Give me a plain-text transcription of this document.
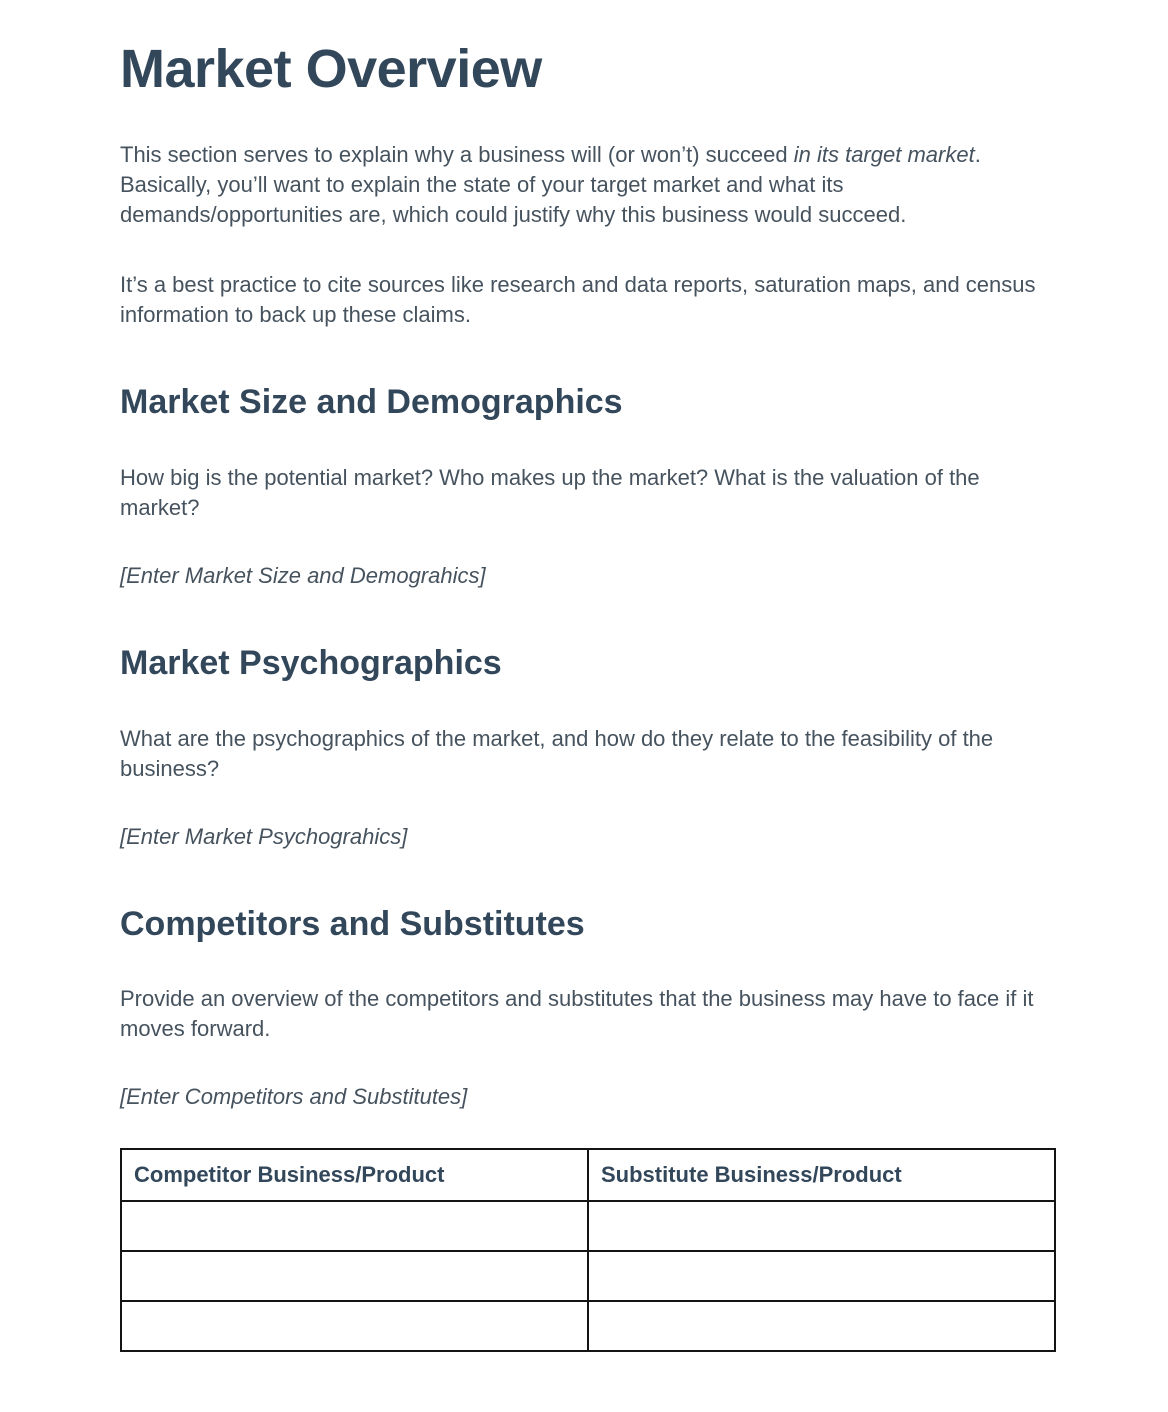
Market Overview

This section serves to explain why a business will (or won’t) succeed in its target market. Basically, you’ll want to explain the state of your target market and what its demands/opportunities are, which could justify why this business would succeed.

It’s a best practice to cite sources like research and data reports, saturation maps, and census information to back up these claims.

Market Size and Demographics

How big is the potential market? Who makes up the market? What is the valuation of the market?

[Enter Market Size and Demograhics]

Market Psychographics

What are the psychographics of the market, and how do they relate to the feasibility of the business?

[Enter Market Psychograhics]

Competitors and Substitutes

Provide an overview of the competitors and substitutes that the business may have to face if it moves forward.

[Enter Competitors and Substitutes]

Competitor Business/Product	Substitute Business/Product
